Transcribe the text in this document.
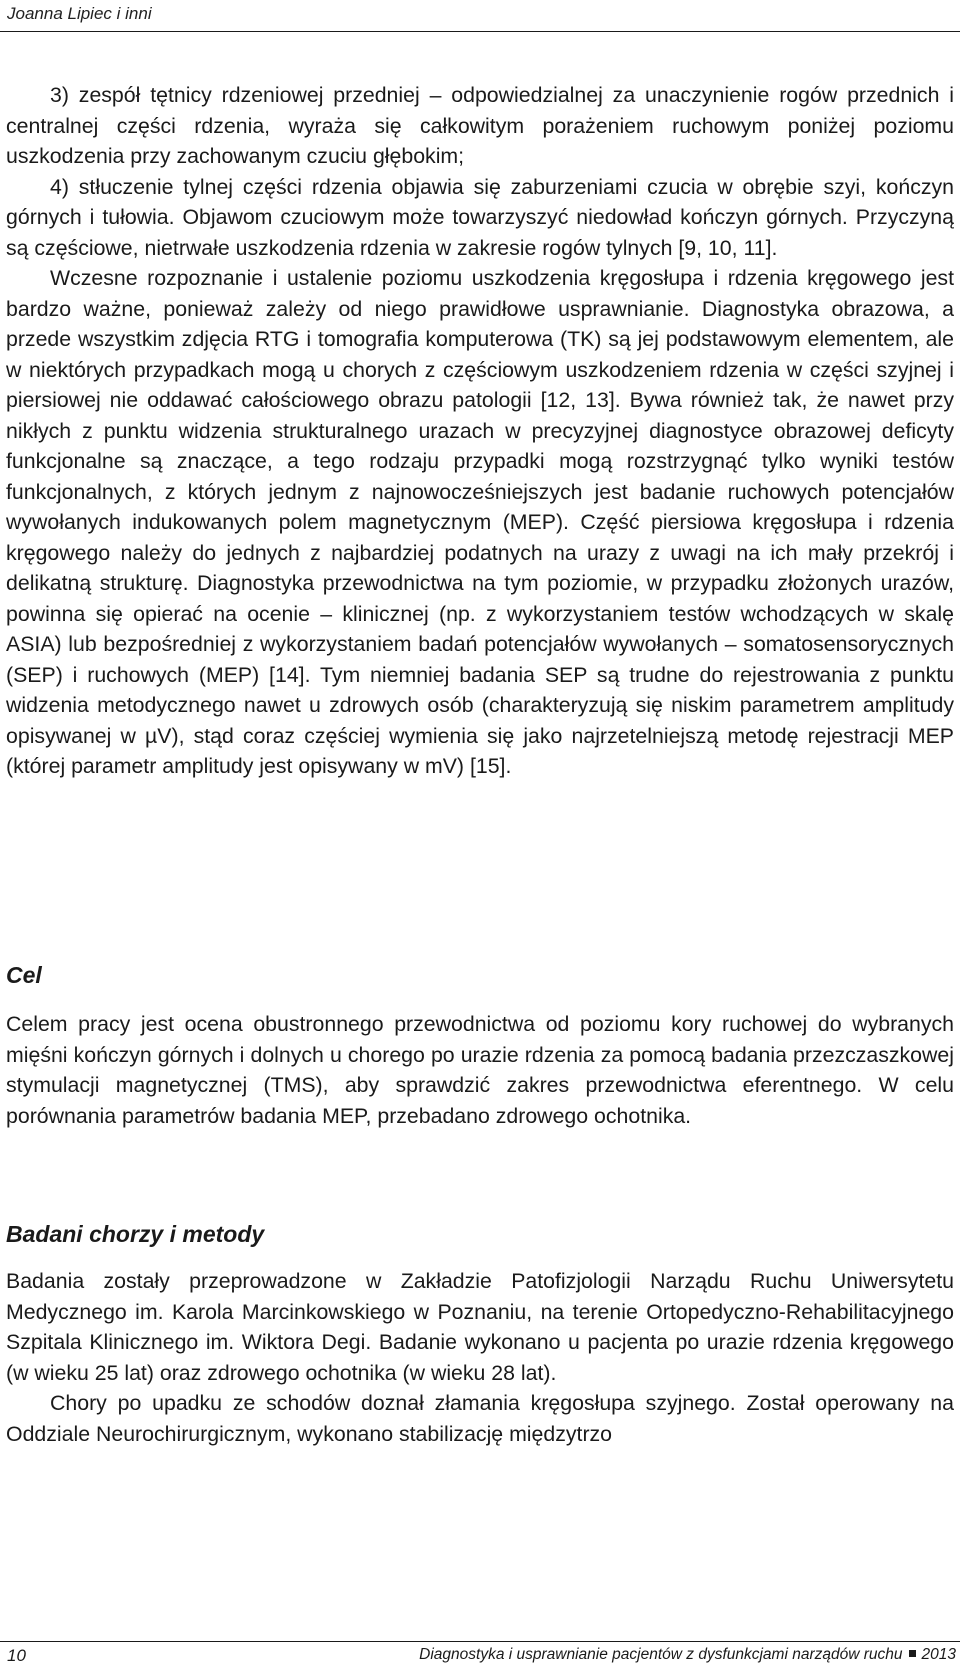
Joanna Lipiec i inni

3) zespół tętnicy rdzeniowej przedniej – odpowiedzialnej za unaczynienie rogów przednich i centralnej części rdzenia, wyraża się całkowitym porażeniem ruchowym poniżej poziomu uszkodzenia przy zachowanym czuciu głębokim;

4) stłuczenie tylnej części rdzenia objawia się zaburzeniami czucia w obrębie szyi, kończyn górnych i tułowia. Objawom czuciowym może towarzyszyć niedowład kończyn górnych. Przyczyną są częściowe, nietrwałe uszkodzenia rdzenia w zakresie rogów tylnych [9, 10, 11].

Wczesne rozpoznanie i ustalenie poziomu uszkodzenia kręgosłupa i rdzenia kręgowego jest bardzo ważne, ponieważ zależy od niego prawidłowe usprawnianie. Diagnostyka obrazowa, a przede wszystkim zdjęcia RTG i tomografia komputerowa (TK) są jej podstawowym elementem, ale w niektórych przypadkach mogą u chorych z częściowym uszkodzeniem rdzenia w części szyjnej i piersiowej nie oddawać całościowego obrazu patologii [12, 13]. Bywa również tak, że nawet przy nikłych z punktu widzenia strukturalnego urazach w precyzyjnej diagnostyce obrazowej deficyty funkcjonalne są znaczące, a tego rodzaju przypadki mogą rozstrzygnąć tylko wyniki testów funkcjonalnych, z których jednym z najnowocześniejszych jest badanie ruchowych potencjałów wywołanych indukowanych polem magnetycznym (MEP). Część piersiowa kręgosłupa i rdzenia kręgowego należy do jednych z najbardziej podatnych na urazy z uwagi na ich mały przekrój i delikatną strukturę. Diagnostyka przewodnictwa na tym poziomie, w przypadku złożonych urazów, powinna się opierać na ocenie – klinicznej (np. z wykorzystaniem testów wchodzących w skalę ASIA) lub bezpośredniej z wykorzystaniem badań potencjałów wywołanych – somatosensorycznych (SEP) i ruchowych (MEP) [14]. Tym niemniej badania SEP są trudne do rejestrowania z punktu widzenia metodycznego nawet u zdrowych osób (charakteryzują się niskim parametrem amplitudy opisywanej w µV), stąd coraz częściej wymienia się jako najrzetelniejszą metodę rejestracji MEP (której parametr amplitudy jest opisywany w mV) [15].

Cel

Celem pracy jest ocena obustronnego przewodnictwa od poziomu kory ruchowej do wybranych mięśni kończyn górnych i dolnych u chorego po urazie rdzenia za pomocą badania przezczaszkowej stymulacji magnetycznej (TMS), aby sprawdzić zakres przewodnictwa eferentnego. W celu porównania parametrów badania MEP, przebadano zdrowego ochotnika.

Badani chorzy i metody

Badania zostały przeprowadzone w Zakładzie Patofizjologii Narządu Ruchu Uniwersytetu Medycznego im. Karola Marcinkowskiego w Poznaniu, na terenie Ortopedyczno-Rehabilitacyjnego Szpitala Klinicznego im. Wiktora Degi. Badanie wykonano u pacjenta po urazie rdzenia kręgowego (w wieku 25 lat) oraz zdrowego ochotnika (w wieku 28 lat).

Chory po upadku ze schodów doznał złamania kręgosłupa szyjnego. Został operowany na Oddziale Neurochirurgicznym, wykonano stabilizację międzytrzo

10	Diagnostyka i usprawnianie pacjentów z dysfunkcjami narządów ruchu 2013
